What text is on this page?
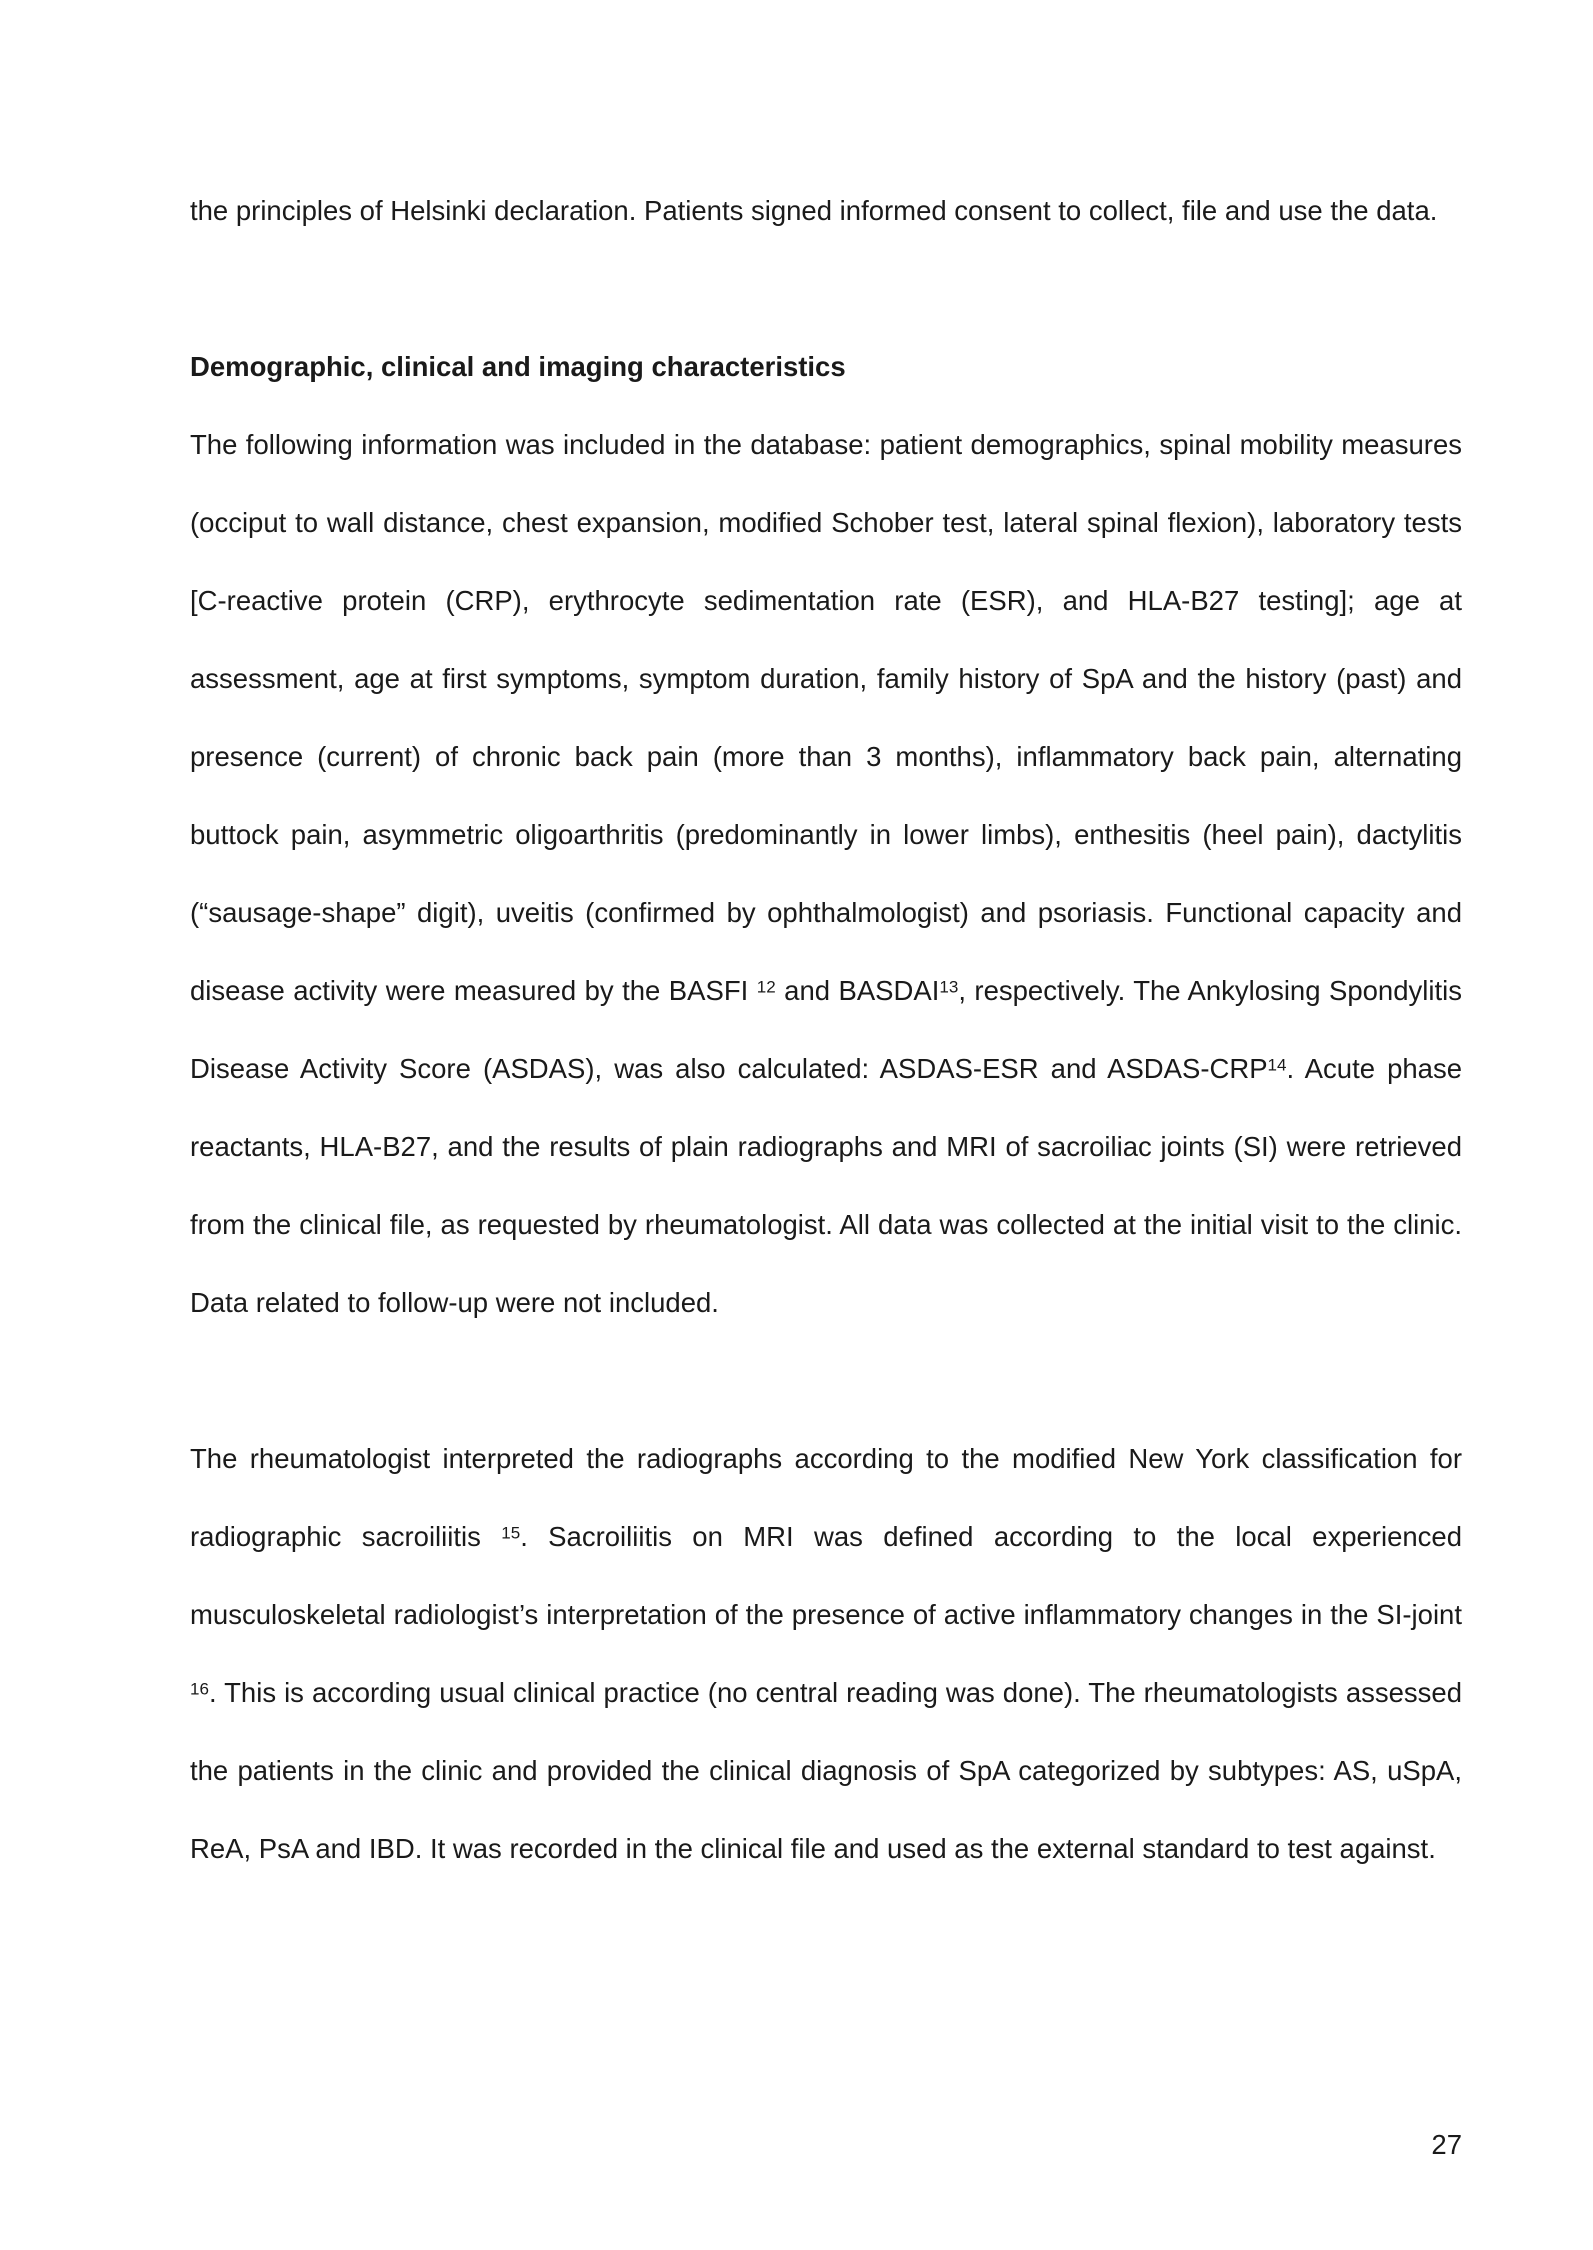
the principles of Helsinki declaration. Patients signed informed consent to collect, file and use the data.

Demographic, clinical and imaging characteristics

The following information was included in the database: patient demographics, spinal mobility measures (occiput to wall distance, chest expansion, modified Schober test, lateral spinal flexion), laboratory tests [C-reactive protein (CRP), erythrocyte sedimentation rate (ESR), and HLA-B27 testing]; age at assessment, age at first symptoms, symptom duration, family history of SpA and the history (past) and presence (current) of chronic back pain (more than 3 months), inflammatory back pain, alternating buttock pain, asymmetric oligoarthritis (predominantly in lower limbs), enthesitis (heel pain), dactylitis (“sausage-shape” digit), uveitis (confirmed by ophthalmologist) and psoriasis. Functional capacity and disease activity were measured by the BASFI $^{12}$ and BASDAI$^{13}$, respectively. The Ankylosing Spondylitis Disease Activity Score (ASDAS), was also calculated: ASDAS-ESR and ASDAS-CRP$^{14}$. Acute phase reactants, HLA-B27, and the results of plain radiographs and MRI of sacroiliac joints (SI) were retrieved from the clinical file, as requested by rheumatologist. All data was collected at the initial visit to the clinic. Data related to follow-up were not included.

The rheumatologist interpreted the radiographs according to the modified New York classification for radiographic sacroiliitis $^{15}$. Sacroiliitis on MRI was defined according to the local experienced musculoskeletal radiologist’s interpretation of the presence of active inflammatory changes in the SI-joint $^{16}$. This is according usual clinical practice (no central reading was done). The rheumatologists assessed the patients in the clinic and provided the clinical diagnosis of SpA categorized by subtypes: AS, uSpA, ReA, PsA and IBD. It was recorded in the clinical file and used as the external standard to test against.

27
